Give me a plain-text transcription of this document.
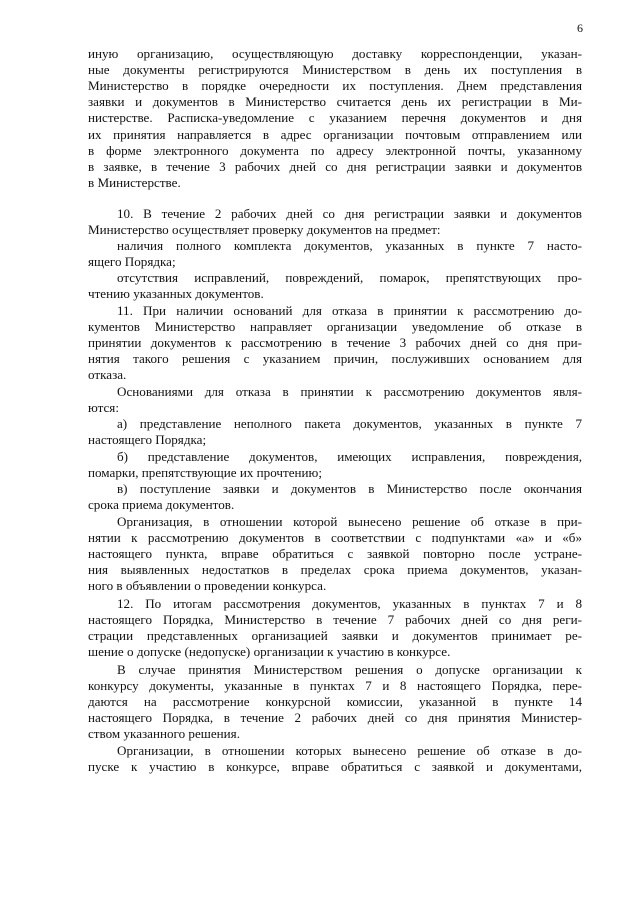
6
иную организацию, осуществляющую доставку корреспонденции, указан-
ные документы регистрируются Министерством в день их поступления в
Министерство в порядке очередности их поступления. Днем представления
заявки и документов в Министерство считается день их регистрации в Ми-
нистерстве. Расписка-уведомление с указанием перечня документов и дня
их принятия направляется в адрес организации почтовым отправлением или
в форме электронного документа по адресу электронной почты, указанному
в заявке, в течение 3 рабочих дней со дня регистрации заявки и документов
в Министерстве.
10. В течение 2 рабочих дней со дня регистрации заявки и документов
Министерство осуществляет проверку документов на предмет:
наличия полного комплекта документов, указанных в пункте 7 насто-
ящего Порядка;
отсутствия исправлений, повреждений, помарок, препятствующих про-
чтению указанных документов.
11. При наличии оснований для отказа в принятии к рассмотрению до-
кументов Министерство направляет организации уведомление об отказе в
принятии документов к рассмотрению в течение 3 рабочих дней со дня при-
нятия такого решения с указанием причин, послуживших основанием для
отказа.
Основаниями для отказа в принятии к рассмотрению документов явля-
ются:
а) представление неполного пакета документов, указанных в пункте 7
настоящего Порядка;
б) представление документов, имеющих исправления, повреждения,
помарки, препятствующие их прочтению;
в) поступление заявки и документов в Министерство после окончания
срока приема документов.
Организация, в отношении которой вынесено решение об отказе в при-
нятии к рассмотрению документов в соответствии с подпунктами «а» и «б»
настоящего пункта, вправе обратиться с заявкой повторно после устране-
ния выявленных недостатков в пределах срока приема документов, указан-
ного в объявлении о проведении конкурса.
12. По итогам рассмотрения документов, указанных в пунктах 7 и 8
настоящего Порядка, Министерство в течение 7 рабочих дней со дня реги-
страции представленных организацией заявки и документов принимает ре-
шение о допуске (недопуске) организации к участию в конкурсе.
В случае принятия Министерством решения о допуске организации к
конкурсу документы, указанные в пунктах 7 и 8 настоящего Порядка, пере-
даются на рассмотрение конкурсной комиссии, указанной в пункте 14
настоящего Порядка, в течение 2 рабочих дней со дня принятия Министер-
ством указанного решения.
Организации, в отношении которых вынесено решение об отказе в до-
пуске к участию в конкурсе, вправе обратиться с заявкой и документами,
